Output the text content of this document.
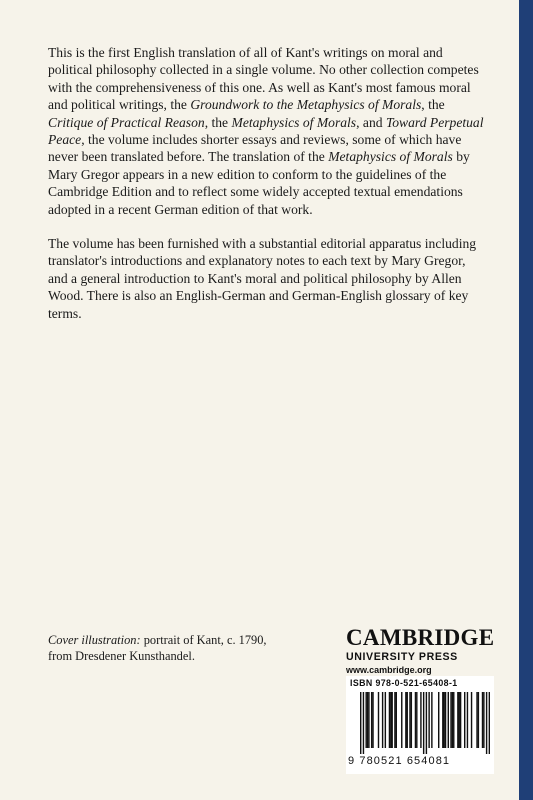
This is the first English translation of all of Kant's writings on moral and political philosophy collected in a single volume. No other collection competes with the comprehensiveness of this one. As well as Kant's most famous moral and political writings, the Groundwork to the Metaphysics of Morals, the Critique of Practical Reason, the Metaphysics of Morals, and Toward Perpetual Peace, the volume includes shorter essays and reviews, some of which have never been translated before. The translation of the Metaphysics of Morals by Mary Gregor appears in a new edition to conform to the guidelines of the Cambridge Edition and to reflect some widely accepted textual emendations adopted in a recent German edition of that work.

The volume has been furnished with a substantial editorial apparatus including translator's introductions and explanatory notes to each text by Mary Gregor, and a general introduction to Kant's moral and political philosophy by Allen Wood. There is also an English-German and German-English glossary of key terms.

Cover illustration: portrait of Kant, c. 1790, from Dresdener Kunsthandel.
CAMBRIDGE
UNIVERSITY PRESS
www.cambridge.org
ISBN 978-0-521-65408-1
9 780521 654081
